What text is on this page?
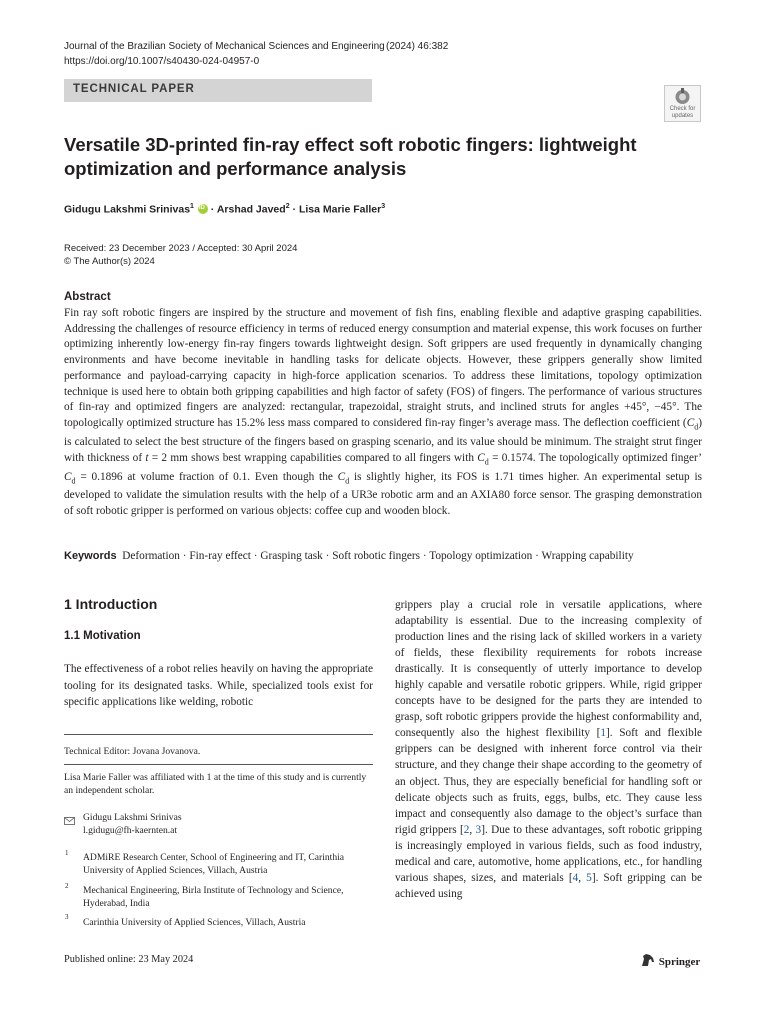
Journal of the Brazilian Society of Mechanical Sciences and Engineering (2024) 46:382
https://doi.org/10.1007/s40430-024-04957-0
TECHNICAL PAPER
Check for
updates
Versatile 3D-printed fin-ray effect soft robotic fingers: lightweight optimization and performance analysis
Gidugu Lakshmi Srinivas$^1$ iD · Arshad Javed$^2$ · Lisa Marie Faller$^3$
Received: 23 December 2023 / Accepted: 30 April 2024
© The Author(s) 2024
Abstract
Fin ray soft robotic fingers are inspired by the structure and movement of fish fins, enabling flexible and adaptive grasping capabilities. Addressing the challenges of resource efficiency in terms of reduced energy consumption and material expense, this work focuses on further optimizing inherently low-energy fin-ray fingers towards lightweight design. Soft grippers are used frequently in dynamically changing environments and have become inevitable in handling tasks for delicate objects. However, these grippers generally show limited performance and payload-carrying capacity in high-force application scenarios. To address these limitations, topology optimization technique is used here to obtain both gripping capabilities and high factor of safety (FOS) of fingers. The performance of various structures of fin-ray and optimized fingers are analyzed: rectangular, trapezoidal, straight struts, and inclined struts for angles +45°, −45°. The topologically optimized structure has 15.2% less mass compared to considered fin-ray finger’s average mass. The deflection coefficient $(C_d)$ is calculated to select the best structure of the fingers based on grasping scenario, and its value should be minimum. The straight strut finger with thickness of t = 2 mm shows best wrapping capabilities compared to all fingers with $C_d = 0.1574$. The topologically optimized finger’ $C_d = 0.1896$ at volume fraction of 0.1. Even though the $C_d$ is slightly higher, its FOS is 1.71 times higher. An experimental setup is developed to validate the simulation results with the help of a UR3e robotic arm and an AXIA80 force sensor. The grasping demonstration of soft robotic gripper is performed on various objects: coffee cup and wooden block.
Keywords Deformation · Fin-ray effect · Grasping task · Soft robotic fingers · Topology optimization · Wrapping capability
1 Introduction
1.1 Motivation
The effectiveness of a robot relies heavily on having the appropriate tooling for its designated tasks. While, specialized tools exist for specific applications like welding, robotic
Technical Editor: Jovana Jovanova.
Lisa Marie Faller was affiliated with 1 at the time of this study and is currently an independent scholar.
Gidugu Lakshmi Srinivas
l.gidugu@fh-kaernten.at
1 ADMiRE Research Center, School of Engineering and IT, Carinthia University of Applied Sciences, Villach, Austria
2 Mechanical Engineering, Birla Institute of Technology and Science, Hyderabad, India
3 Carinthia University of Applied Sciences, Villach, Austria
grippers play a crucial role in versatile applications, where adaptability is essential. Due to the increasing complexity of production lines and the rising lack of skilled workers in a variety of fields, these flexibility requirements for robots increase drastically. It is consequently of utterly importance to develop highly capable and versatile robotic grippers. While, rigid gripper concepts have to be designed for the parts they are intended to grasp, soft robotic grippers provide the highest conformability and, consequently also the highest flexibility [1]. Soft and flexible grippers can be designed with inherent force control via their structure, and they change their shape according to the geometry of an object. Thus, they are especially beneficial for handling soft or delicate objects such as fruits, eggs, bulbs, etc. They cause less impact and consequently also damage to the object’s surface than rigid grippers [2, 3]. Due to these advantages, soft robotic gripping is increasingly employed in various fields, such as food industry, medical and care, automotive, home applications, etc., for handling various shapes, sizes, and materials [4, 5]. Soft gripping can be achieved using
Published online: 23 May 2024	Springer
